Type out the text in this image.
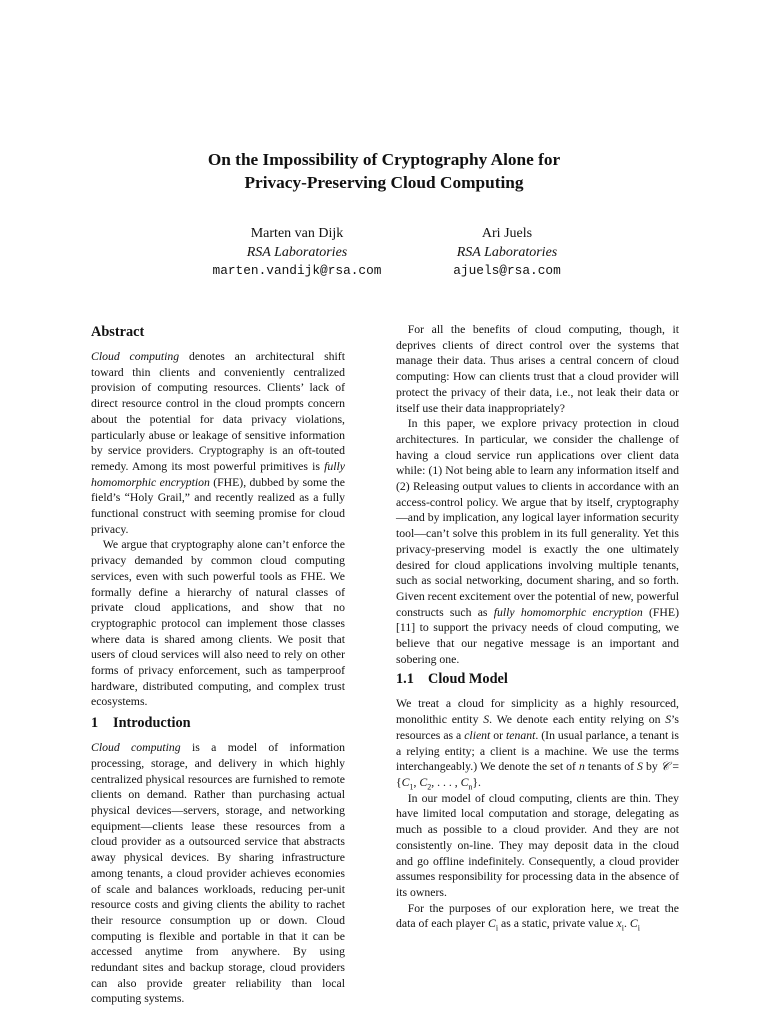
On the Impossibility of Cryptography Alone for
Privacy-Preserving Cloud Computing
Marten van Dijk
RSA Laboratories
marten.vandijk@rsa.com
Ari Juels
RSA Laboratories
ajuels@rsa.com
Abstract

Cloud computing denotes an architectural shift toward thin clients and conveniently centralized provision of computing resources. Clients’ lack of direct resource control in the cloud prompts concern about the potential for data privacy violations, particularly abuse or leakage of sensitive information by service providers. Cryptography is an oft-touted remedy. Among its most powerful primitives is fully homomorphic encryption (FHE), dubbed by some the field’s “Holy Grail,” and recently realized as a fully functional construct with seeming promise for cloud privacy.

We argue that cryptography alone can’t enforce the privacy demanded by common cloud computing services, even with such powerful tools as FHE. We formally define a hierarchy of natural classes of private cloud applications, and show that no cryptographic protocol can implement those classes where data is shared among clients. We posit that users of cloud services will also need to rely on other forms of privacy enforcement, such as tamperproof hardware, distributed computing, and complex trust ecosystems.

1 Introduction

Cloud computing is a model of information processing, storage, and delivery in which highly centralized physical resources are furnished to remote clients on demand. Rather than purchasing actual physical devices—servers, storage, and networking equipment—clients lease these resources from a cloud provider as a outsourced service that abstracts away physical devices. By sharing infrastructure among tenants, a cloud provider achieves economies of scale and balances workloads, reducing per-unit resource costs and giving clients the ability to rachet their resource consumption up or down. Cloud computing is flexible and portable in that it can be accessed anytime from anywhere. By using redundant sites and backup storage, cloud providers can also provide greater reliability than local computing systems.

For all the benefits of cloud computing, though, it deprives clients of direct control over the systems that manage their data. Thus arises a central concern of cloud computing: How can clients trust that a cloud provider will protect the privacy of their data, i.e., not leak their data or itself use their data inappropriately?

In this paper, we explore privacy protection in cloud architectures. In particular, we consider the challenge of having a cloud service run applications over client data while: (1) Not being able to learn any information itself and (2) Releasing output values to clients in accordance with an access-control policy. We argue that by itself, cryptography—and by implication, any logical layer information security tool—can’t solve this problem in its full generality. Yet this privacy-preserving model is exactly the one ultimately desired for cloud applications involving multiple tenants, such as social networking, document sharing, and so forth. Given recent excitement over the potential of new, powerful constructs such as fully homomorphic encryption (FHE) [11] to support the privacy needs of cloud computing, we believe that our negative message is an important and sobering one.

1.1 Cloud Model

We treat a cloud for simplicity as a highly resourced, monolithic entity S. We denote each entity relying on S’s resources as a client or tenant. (In usual parlance, a tenant is a relying entity; a client is a machine. We use the terms interchangeably.) We denote the set of n tenants of S by 𝒞 = {$C_1$, $C_2$, . . . , $C_n$}.

In our model of cloud computing, clients are thin. They have limited local computation and storage, delegating as much as possible to a cloud provider. And they are not consistently on-line. They may deposit data in the cloud and go offline indefinitely. Consequently, a cloud provider assumes responsibility for processing data in the absence of its owners.

For the purposes of our exploration here, we treat the data of each player $C_i$ as a static, private value $x_i$. $C_i$
